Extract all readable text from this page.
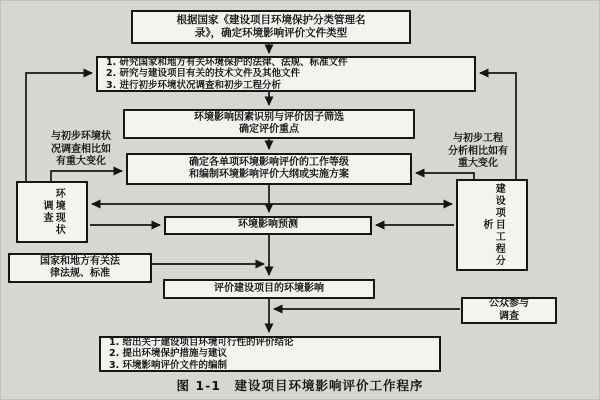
根据国家《建设项目环境保护分类管理名
录》，确定环境影响评价文件类型
1. 研究国家和地方有关环境保护的法律、法规、标准文件
2. 研究与建设项目有关的技术文件及其他文件
3. 进行初步环境状况调查和初步工程分析
环境影响因素识别与评价因子筛选
确定评价重点
确定各单项环境影响评价的工作等级
和编制环境影响评价大纲或实施方案
与初步环境状
况调查相比如
有重大变化
与初步工程
分析相比如有
重大变化
环境现状调查	建设项目工程分析
环境影响预测
国家和地方有关法
律法规、标准
评价建设项目的环境影响
公众参与
调查
1. 给出关于建设项目环境可行性的评价结论
2. 提出环境保护措施与建议
3. 环境影响评价文件的编制
图 1-1　建设项目环境影响评价工作程序
